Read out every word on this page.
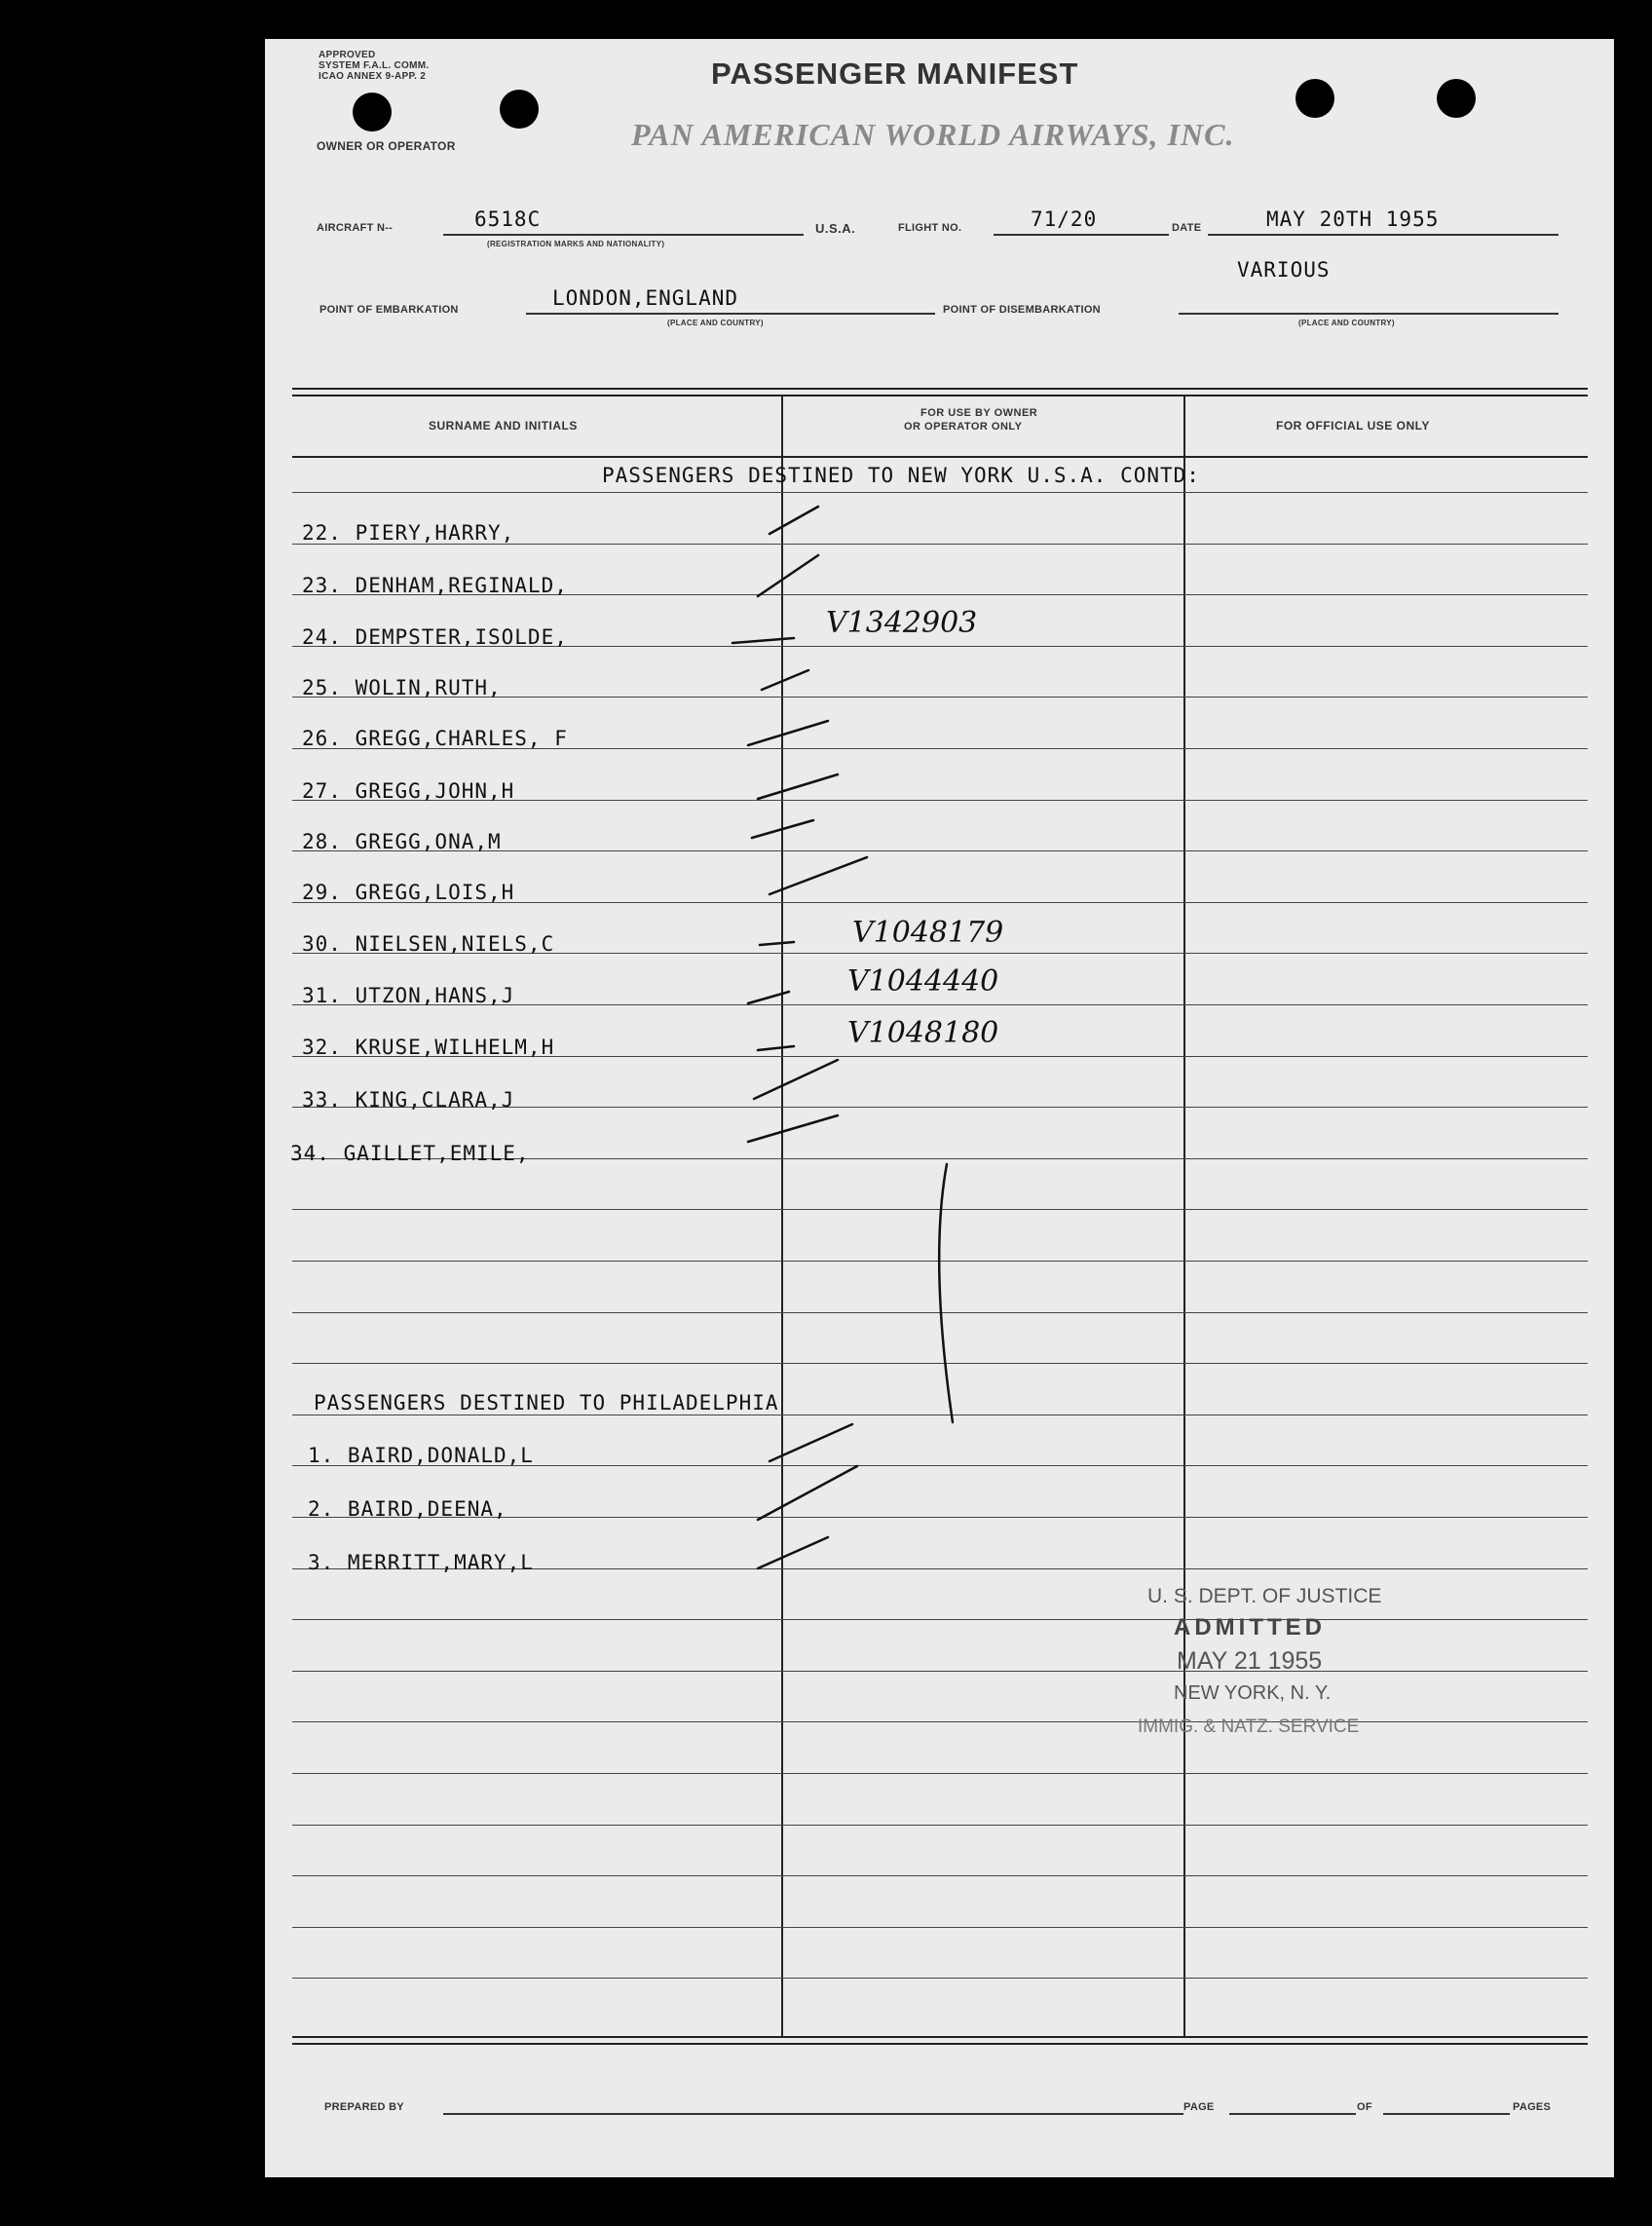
APPROVED
SYSTEM F.A.L. COMM.
ICAO ANNEX 9-APP. 2	PASSENGER MANIFEST
OWNER OR OPERATOR	PAN AMERICAN WORLD AIRWAYS, INC.
AIRCRAFT N--	6518C
(REGISTRATION MARKS AND NATIONALITY)
U.S.A.	FLIGHT NO.	71/20	DATE	MAY 20TH 1955
POINT OF EMBARKATION	LONDON,ENGLAND
(PLACE AND COUNTRY)
POINT OF DISEMBARKATION
VARIOUS
(PLACE AND COUNTRY)
SURNAME AND INITIALS
FOR USE BY OWNER
OR OPERATOR ONLY	FOR OFFICIAL USE ONLY
PASSENGERS DESTINED TO NEW YORK U.S.A. CONTD:
22. PIERY,HARRY,
23. DENHAM,REGINALD,
24. DEMPSTER,ISOLDE,	V1342903
25. WOLIN,RUTH,
26. GREGG,CHARLES, F
27. GREGG,JOHN,H
28. GREGG,ONA,M
29. GREGG,LOIS,H
30. NIELSEN,NIELS,C	V1048179
31. UTZON,HANS,J	V1044440
32. KRUSE,WILHELM,H	V1048180
33. KING,CLARA,J
34. GAILLET,EMILE,
PASSENGERS DESTINED TO PHILADELPHIA
1. BAIRD,DONALD,L
2. BAIRD,DEENA,
3. MERRITT,MARY,L
U. S. DEPT. OF JUSTICE
ADMITTED
MAY 21 1955
NEW YORK, N. Y.
IMMIG. & NATZ. SERVICE
PREPARED BY	PAGE	OF	PAGES
